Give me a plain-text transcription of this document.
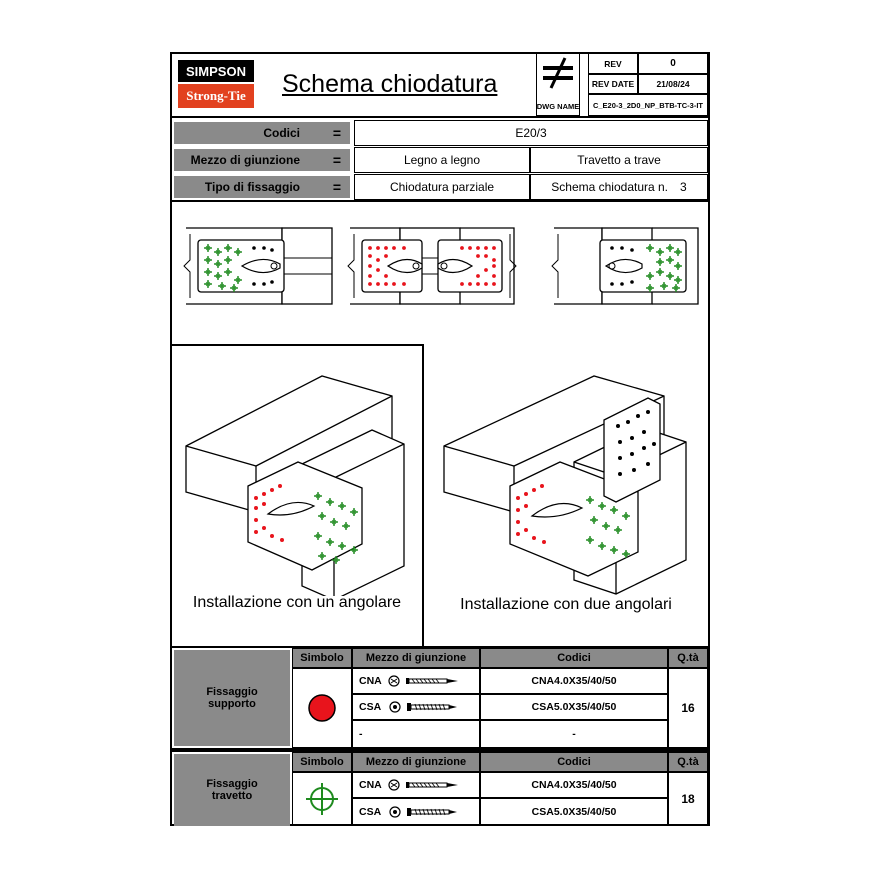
SIMPSON
Strong-Tie	Schema chiodatura
DWG NAME
REV	0
REV DATE	21/08/24
C_E20-3_2D0_NP_BTB-TC-3-IT
Codici	=	E20/3
Mezzo di giunzione	=	Legno a legno	Travetto a trave
Tipo di fissaggio	=	Chiodatura parziale	Schema chiodatura n. 3
Installazione con un angolare	Installazione con due angolari
Fissaggio supporto
Simbolo	Mezzo di giunzione	Codici	Q.tà
CNA	CNA4.0X35/40/50
CSA	CSA5.0X35/40/50
-	-
16
Fissaggio travetto
Simbolo	Mezzo di giunzione	Codici	Q.tà
CNA	CNA4.0X35/40/50
CSA	CSA5.0X35/40/50
18
